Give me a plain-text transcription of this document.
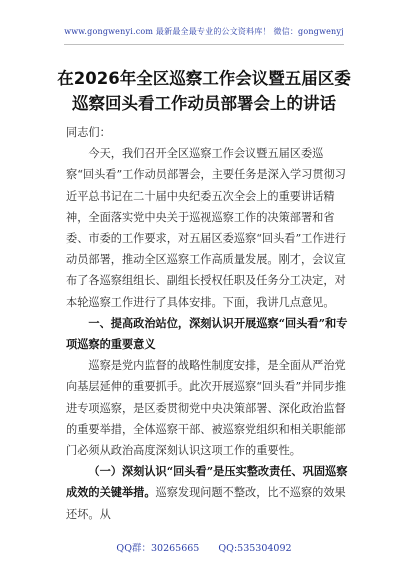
www.gongwenyi.com 最新最全最专业的公文资料库！ 微信：gongwenyj
在2026年全区巡察工作会议暨五届区委
巡察回头看工作动员部署会上的讲话

同志们：

今天，我们召开全区巡察工作会议暨五届区委巡察“回头看”工作动员部署会，主要任务是深入学习贯彻习近平总书记在二十届中央纪委五次全会上的重要讲话精神，全面落实党中央关于巡视巡察工作的决策部署和省委、市委的工作要求，对五届区委巡察“回头看”工作进行动员部署，推动全区巡察工作高质量发展。刚才，会议宣布了各巡察组组长、副组长授权任职及任务分工决定，对本轮巡察工作进行了具体安排。下面，我讲几点意见。

一、提高政治站位，深刻认识开展巡察“回头看”和专项巡察的重要意义

巡察是党内监督的战略性制度安排，是全面从严治党向基层延伸的重要抓手。此次开展巡察“回头看”并同步推进专项巡察，是区委贯彻党中央决策部署、深化政治监督的重要举措，全体巡察干部、被巡察党组织和相关职能部门必须从政治高度深刻认识这项工作的重要性。

（一）深刻认识“回头看”是压实整改责任、巩固巡察成效的关键举措。巡察发现问题不整改，比不巡察的效果还坏。从

QQ群：30265665 QQ:535304092
